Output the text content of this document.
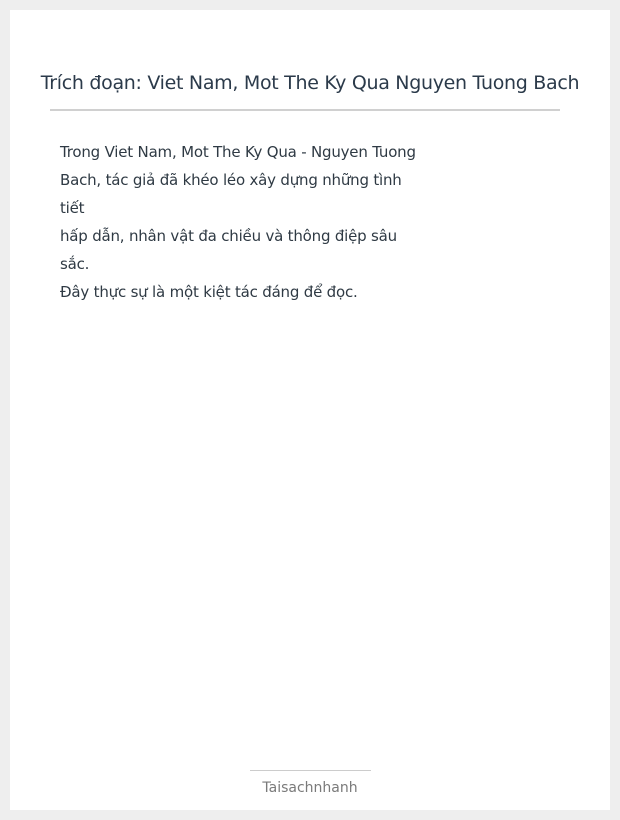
Trích đoạn: Viet Nam, Mot The Ky Qua Nguyen Tuong Bach

Trong Viet Nam, Mot The Ky Qua - Nguyen Tuong
Bach, tác giả đã khéo léo xây dựng những tình
tiết
hấp dẫn, nhân vật đa chiều và thông điệp sâu
sắc.
Đây thực sự là một kiệt tác đáng để đọc.

Taisachnhanh
